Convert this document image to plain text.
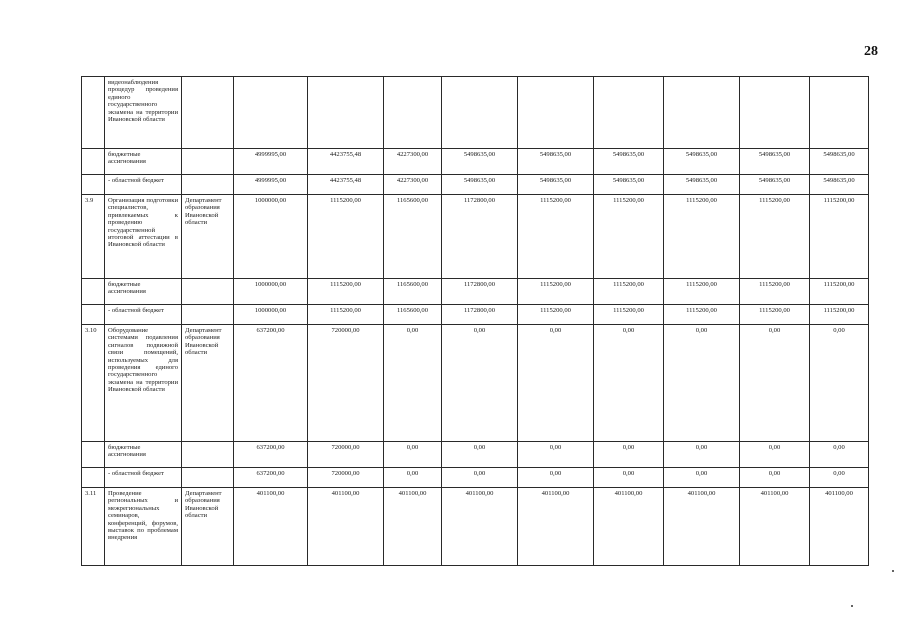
28
	видеонаблюдения процедур проведения единого государственного экзамена на территории Ивановской области										
	бюджетные ассигнования		4999995,00	4423755,48	4227300,00	5498635,00	5498635,00	5498635,00	5498635,00	5498635,00	5498635,00
	- областной бюджет		4999995,00	4423755,48	4227300,00	5498635,00	5498635,00	5498635,00	5498635,00	5498635,00	5498635,00
3.9	Организация подготовки специалистов, привлекаемых к проведению государственной итоговой аттестации в Ивановской области	Департамент образования Ивановской области	1000000,00	1115200,00	1165600,00	1172800,00	1115200,00	1115200,00	1115200,00	1115200,00	1115200,00
	бюджетные ассигнования		1000000,00	1115200,00	1165600,00	1172800,00	1115200,00	1115200,00	1115200,00	1115200,00	1115200,00
	- областной бюджет		1000000,00	1115200,00	1165600,00	1172800,00	1115200,00	1115200,00	1115200,00	1115200,00	1115200,00
3.10	Оборудование системами подавления сигналов подвижной связи помещений, используемых для проведения единого государственного экзамена на территории Ивановской области	Департамент образования Ивановской области	637200,00	720000,00	0,00	0,00	0,00	0,00	0,00	0,00	0,00
	бюджетные ассигнования		637200,00	720000,00	0,00	0,00	0,00	0,00	0,00	0,00	0,00
	- областной бюджет		637200,00	720000,00	0,00	0,00	0,00	0,00	0,00	0,00	0,00
3.11	Проведение региональных и межрегиональных семинаров, конференций, форумов, выставок по проблемам внедрения	Департамент образования Ивановской области	401100,00	401100,00	401100,00	401100,00	401100,00	401100,00	401100,00	401100,00	401100,00
